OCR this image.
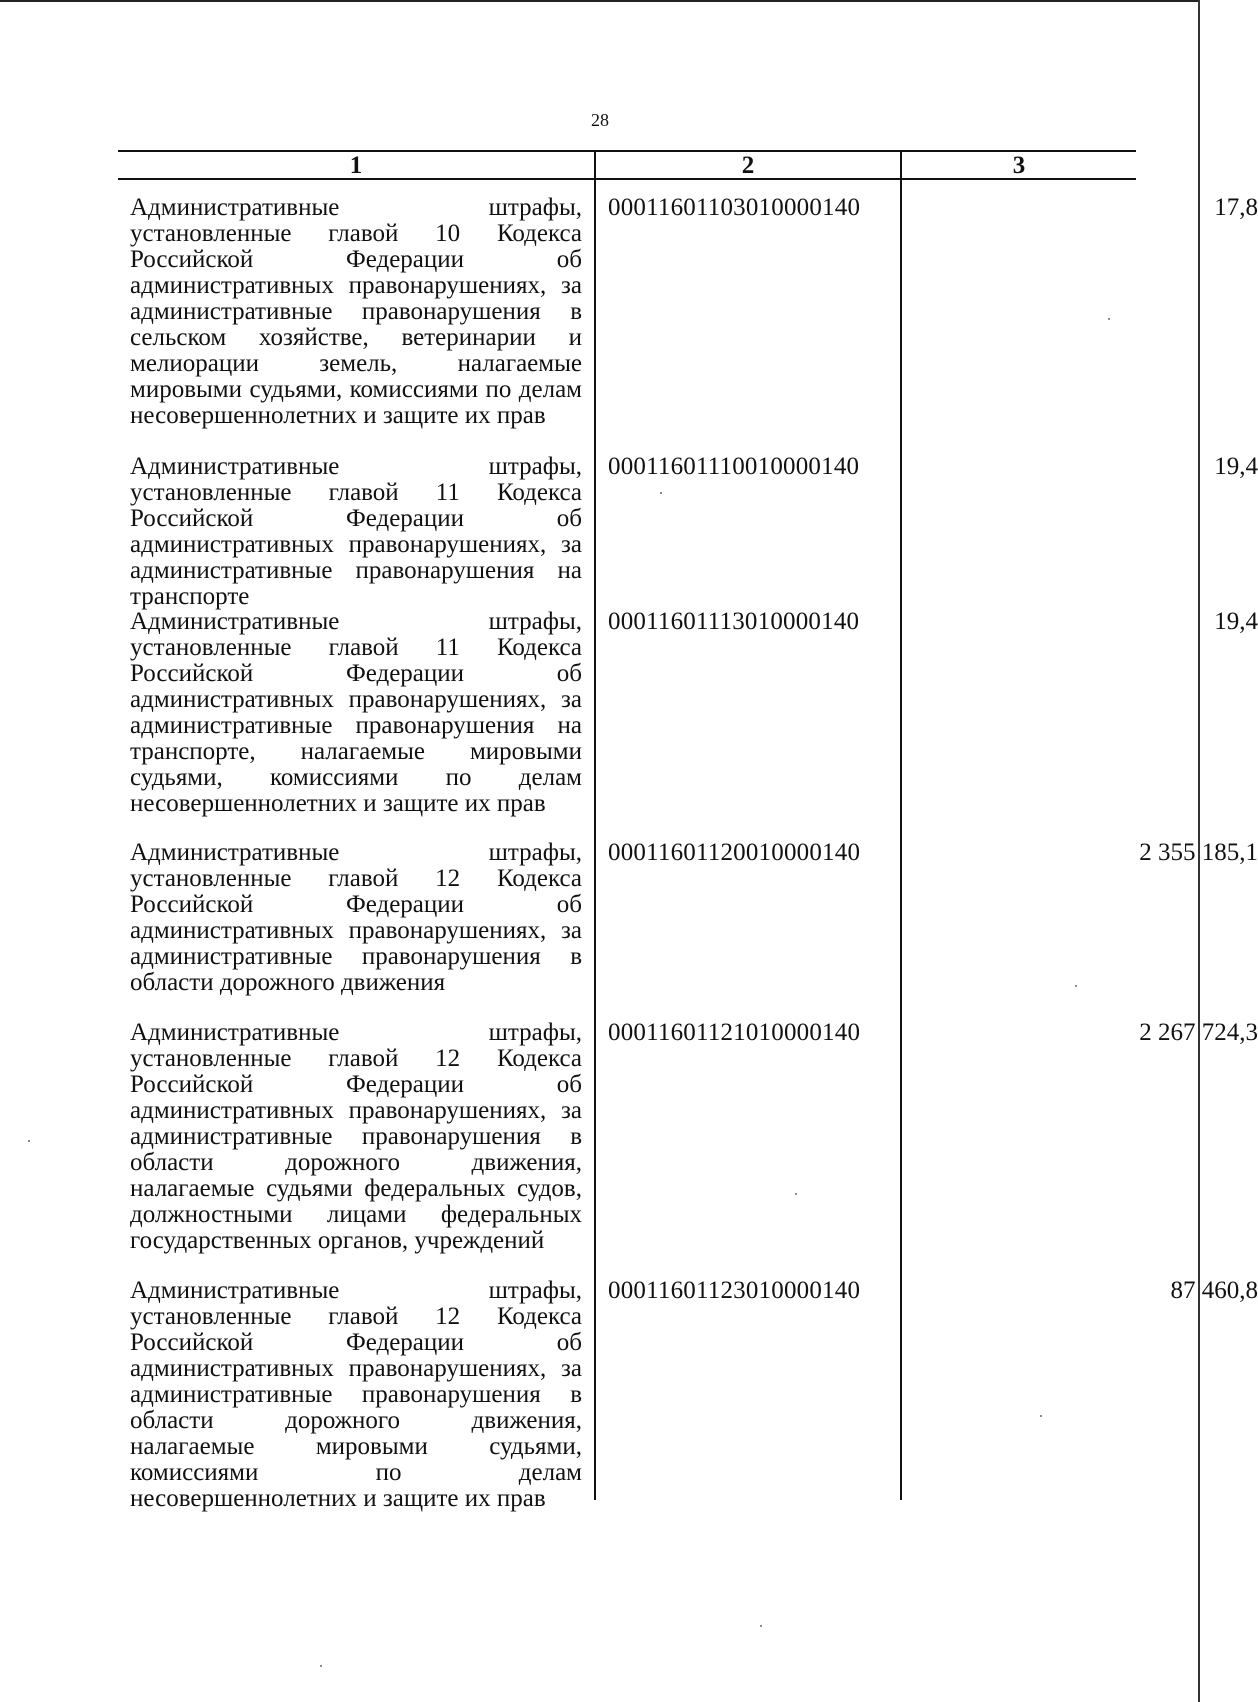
28
1	2	3
Административные штрафы, установленные главой 10 Кодекса Российской Федерации об административных правонарушениях, за административные правонарушения в сельском хозяйстве, ветеринарии и мелиорации земель, налагаемые мировыми судьями, комиссиями по делам несовершеннолетних и защите их прав
00011601103010000140	17,8
Административные штрафы, установленные главой 11 Кодекса Российской Федерации об административных правонарушениях, за административные правонарушения на транспорте
00011601110010000140	19,4
Административные штрафы, установленные главой 11 Кодекса Российской Федерации об административных правонарушениях, за административные правонарушения на транспорте, налагаемые мировыми судьями, комиссиями по делам несовершеннолетних и защите их прав
00011601113010000140	19,4
Административные штрафы, установленные главой 12 Кодекса Российской Федерации об административных правонарушениях, за административные правонарушения в области дорожного движения
00011601120010000140	2 355 185,1
Административные штрафы, установленные главой 12 Кодекса Российской Федерации об административных правонарушениях, за административные правонарушения в области дорожного движения, налагаемые судьями федеральных судов, должностными лицами федеральных государственных органов, учреждений
00011601121010000140	2 267 724,3
Административные штрафы, установленные главой 12 Кодекса Российской Федерации об административных правонарушениях, за административные правонарушения в области дорожного движения, налагаемые мировыми судьями, комиссиями по делам несовершеннолетних и защите их прав
00011601123010000140	87 460,8
